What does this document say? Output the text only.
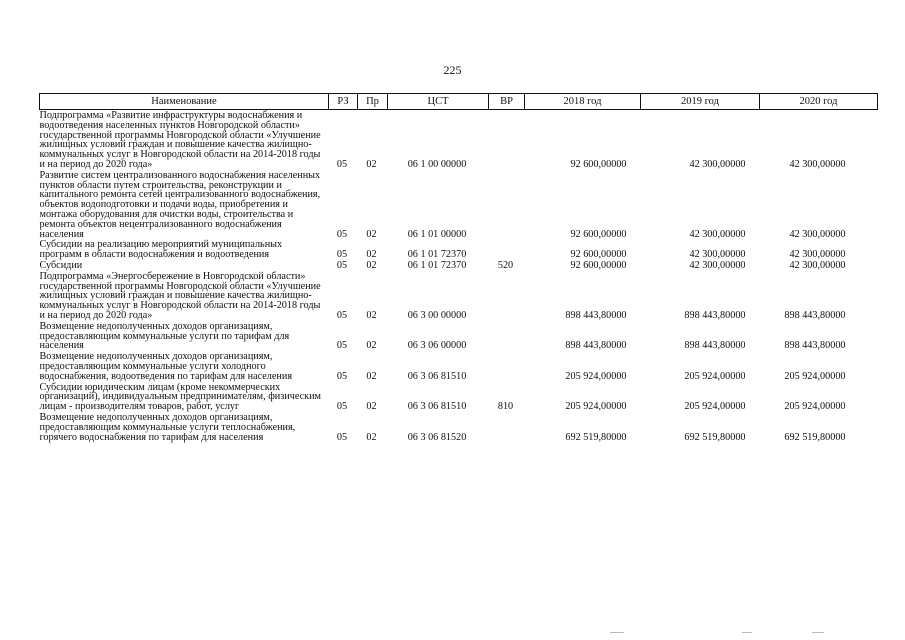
225
Наименование	РЗ	Пр	ЦСТ	ВР	2018 год	2019 год	2020 год
Подпрограмма «Развитие инфраструктуры водоснабжения и водоотведения населенных пунктов Новгородской области» государственной программы Новгородской области «Улучшение жилищных условий граждан и повышение качества жилищно-коммунальных услуг в Новгородской области на 2014-2018 годы и на период до 2020 года»	05	02	06 1 00 00000		92 600,00000	42 300,00000	42 300,00000
Развитие систем централизованного водоснабжения населенных пунктов области путем строительства, реконструкции и капитального ремонта сетей централизованного водоснабжения, объектов водоподготовки и подачи воды, приобретения и монтажа оборудования для очистки воды, строительства и ремонта объектов нецентрализованного водоснабжения населения	05	02	06 1 01 00000		92 600,00000	42 300,00000	42 300,00000
Субсидии на реализацию мероприятий муниципальных программ в области водоснабжения и водоотведения	05	02	06 1 01 72370		92 600,00000	42 300,00000	42 300,00000
Субсидии	05	02	06 1 01 72370	520	92 600,00000	42 300,00000	42 300,00000
Подпрограмма «Энергосбережение в Новгородской области» государственной программы Новгородской области «Улучшение жилищных условий граждан и повышение качества жилищно-коммунальных услуг в Новгородской области на 2014-2018 годы и на период до 2020 года»	05	02	06 3 00 00000		898 443,80000	898 443,80000	898 443,80000
Возмещение недополученных доходов организациям, предоставляющим коммунальные услуги по тарифам для населения	05	02	06 3 06 00000		898 443,80000	898 443,80000	898 443,80000
Возмещение недополученных доходов организациям, предоставляющим коммунальные услуги холодного водоснабжения, водоотведения по тарифам для населения	05	02	06 3 06 81510		205 924,00000	205 924,00000	205 924,00000
Субсидии юридическим лицам (кроме некоммерческих организаций), индивидуальным предпринимателям, физическим лицам - производителям товаров, работ, услуг	05	02	06 3 06 81510	810	205 924,00000	205 924,00000	205 924,00000
Возмещение недополученных доходов организациям, предоставляющим коммунальные услуги теплоснабжения, горячего водоснабжения по тарифам для населения	05	02	06 3 06 81520		692 519,80000	692 519,80000	692 519,80000
